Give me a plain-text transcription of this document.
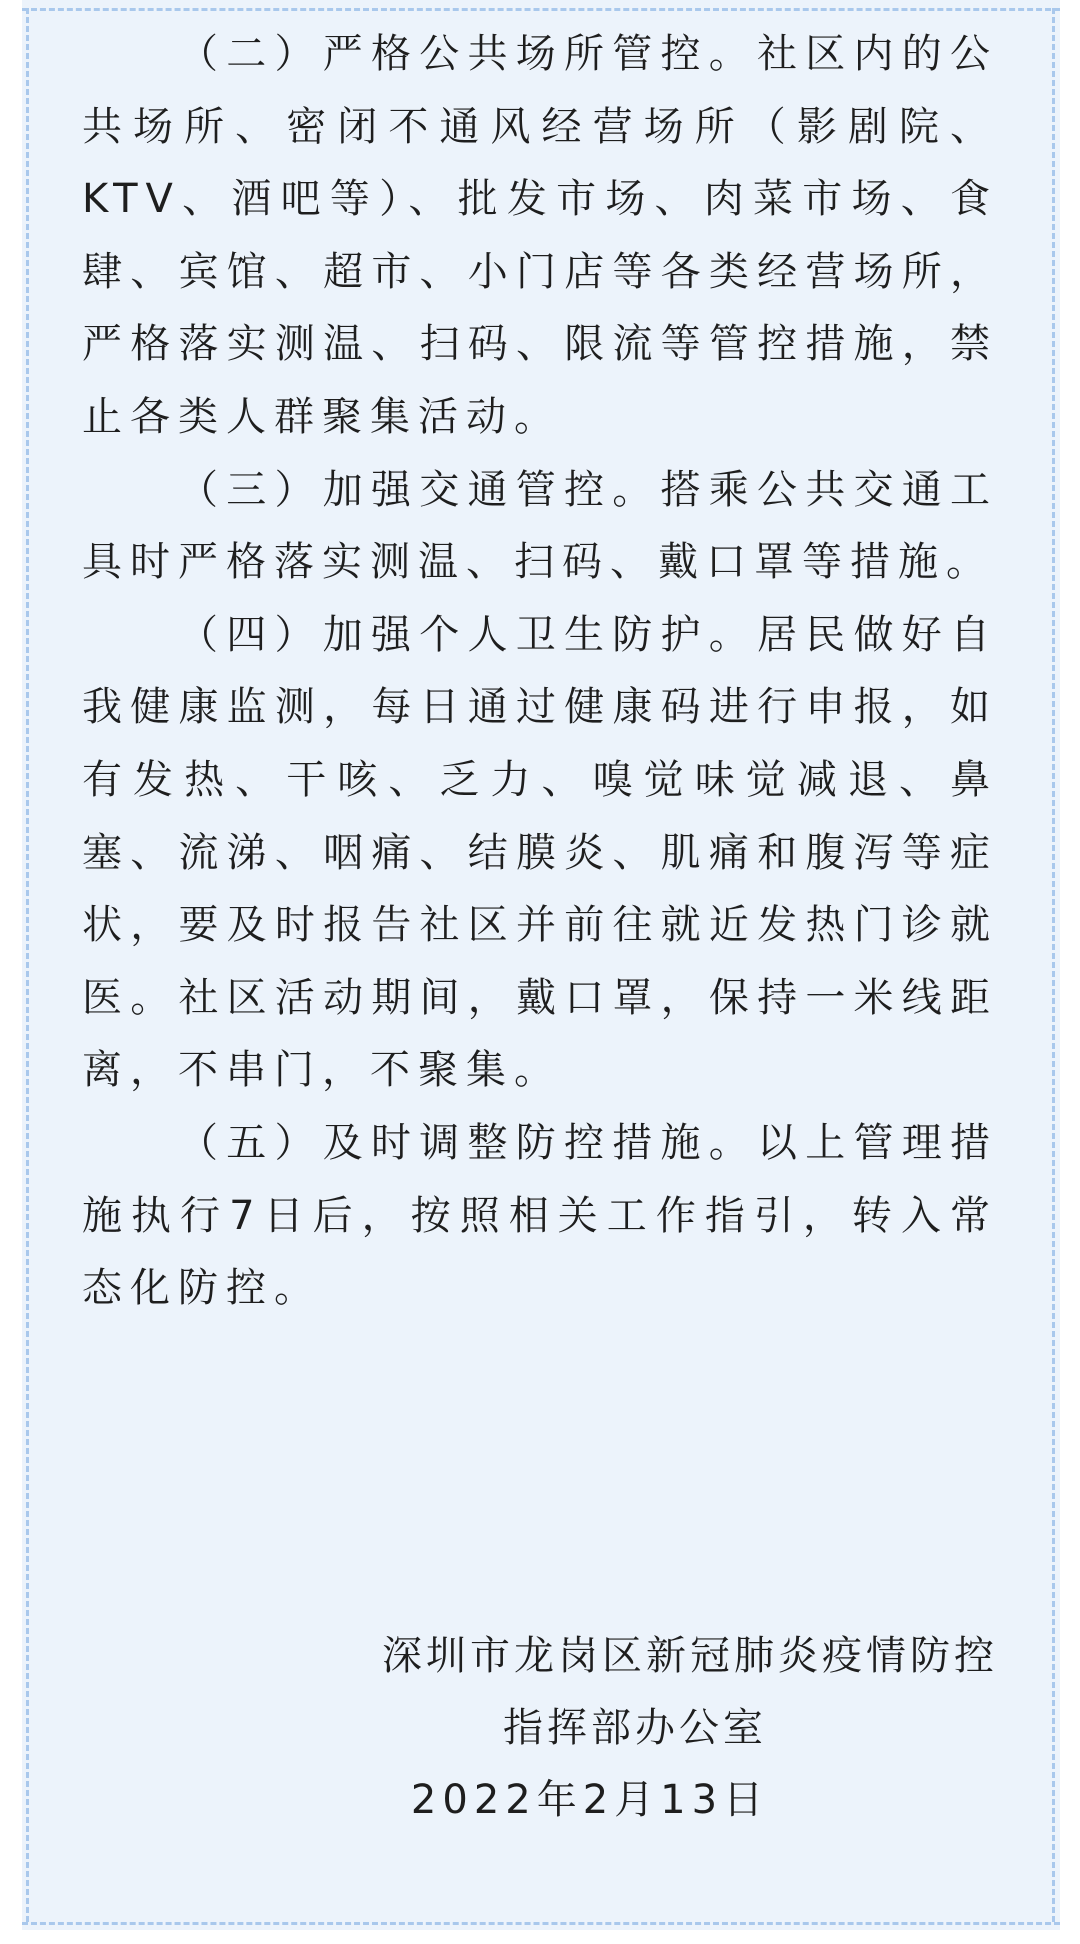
（二）严格公共场所管控。社区内的公共场所、密闭不通风经营场所（影剧院、KTV、酒吧等）、批发市场、肉菜市场、食肆、宾馆、超市、小门店等各类经营场所，严格落实测温、扫码、限流等管控措施，禁止各类人群聚集活动。

（三）加强交通管控。搭乘公共交通工具时严格落实测温、扫码、戴口罩等措施。

（四）加强个人卫生防护。居民做好自我健康监测，每日通过健康码进行申报，如有发热、干咳、乏力、嗅觉味觉减退、鼻塞、流涕、咽痛、结膜炎、肌痛和腹泻等症状，要及时报告社区并前往就近发热门诊就医。社区活动期间，戴口罩，保持一米线距离，不串门，不聚集。

（五）及时调整防控措施。以上管理措施执行7日后，按照相关工作指引，转入常态化防控。

深圳市龙岗区新冠肺炎疫情防控

指挥部办公室

2022年2月13日
